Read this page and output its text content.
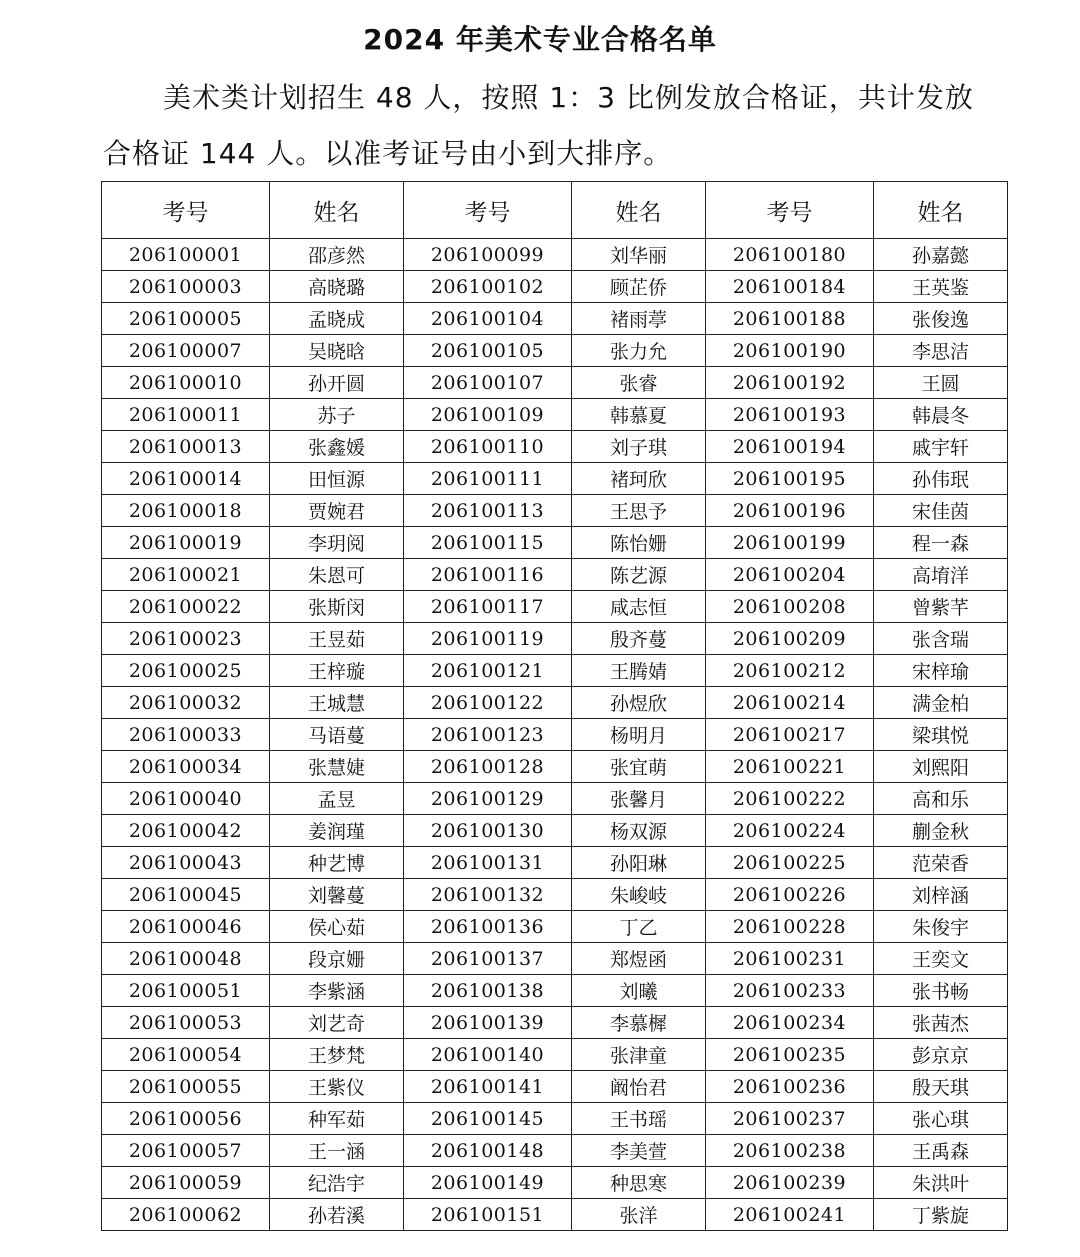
2024 年美术专业合格名单

美术类计划招生 48 人，按照 1：3 比例发放合格证，共计发放合格证 144 人。以准考证号由小到大排序。

考号	姓名	考号	姓名	考号	姓名
206100001	邵彦然	206100099	刘华丽	206100180	孙嘉懿
206100003	高晓璐	206100102	顾芷侨	206100184	王英鉴
206100005	孟晓成	206100104	褚雨葶	206100188	张俊逸
206100007	吴晓晗	206100105	张力允	206100190	李思洁
206100010	孙开圆	206100107	张睿	206100192	王圆
206100011	苏子	206100109	韩慕夏	206100193	韩晨冬
206100013	张鑫媛	206100110	刘子琪	206100194	戚宇轩
206100014	田恒源	206100111	褚珂欣	206100195	孙伟珉
206100018	贾婉君	206100113	王思予	206100196	宋佳茵
206100019	李玥阅	206100115	陈怡姗	206100199	程一森
206100021	朱恩可	206100116	陈艺源	206100204	高堉洋
206100022	张斯闵	206100117	咸志恒	206100208	曾紫芊
206100023	王昱茹	206100119	殷齐蔓	206100209	张含瑞
206100025	王梓璇	206100121	王腾婧	206100212	宋梓瑜
206100032	王城慧	206100122	孙煜欣	206100214	满金柏
206100033	马语蔓	206100123	杨明月	206100217	梁琪悦
206100034	张慧婕	206100128	张宜萌	206100221	刘熙阳
206100040	孟昱	206100129	张馨月	206100222	高和乐
206100042	姜润瑾	206100130	杨双源	206100224	蒯金秋
206100043	种艺博	206100131	孙阳琳	206100225	范荣香
206100045	刘馨蔓	206100132	朱峻岐	206100226	刘梓涵
206100046	侯心茹	206100136	丁乙	206100228	朱俊宇
206100048	段京姗	206100137	郑煜函	206100231	王奕文
206100051	李紫涵	206100138	刘曦	206100233	张书畅
206100053	刘艺奇	206100139	李慕樨	206100234	张茜杰
206100054	王梦梵	206100140	张津童	206100235	彭京京
206100055	王紫仪	206100141	阚怡君	206100236	殷天琪
206100056	种军茹	206100145	王书瑶	206100237	张心琪
206100057	王一涵	206100148	李美萱	206100238	王禹森
206100059	纪浩宇	206100149	种思寒	206100239	朱洪叶
206100062	孙若溪	206100151	张洋	206100241	丁紫旋
